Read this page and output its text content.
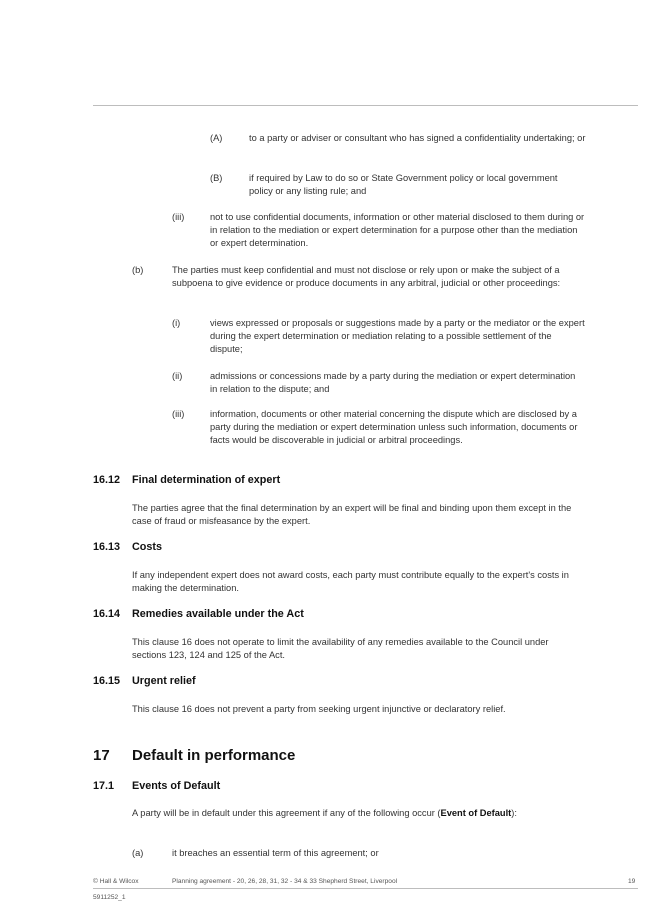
(A)	to a party or adviser or consultant who has signed a confidentiality undertaking; or

(B)	if required by Law to do so or State Government policy or local government policy or any listing rule; and

(iii)	not to use confidential documents, information or other material disclosed to them during or in relation to the mediation or expert determination for a purpose other than the mediation or expert determination.

(b)	The parties must keep confidential and must not disclose or rely upon or make the subject of a subpoena to give evidence or produce documents in any arbitral, judicial or other proceedings:

(i)	views expressed or proposals or suggestions made by a party or the mediator or the expert during the expert determination or mediation relating to a possible settlement of the dispute;

(ii)	admissions or concessions made by a party during the mediation or expert determination in relation to the dispute; and

(iii)	information, documents or other material concerning the dispute which are disclosed by a party during the mediation or expert determination unless such information, documents or facts would be discoverable in judicial or arbitral proceedings.

16.12 Final determination of expert

The parties agree that the final determination by an expert will be final and binding upon them except in the case of fraud or misfeasance by the expert.

16.13 Costs

If any independent expert does not award costs, each party must contribute equally to the expert's costs in making the determination.

16.14 Remedies available under the Act

This clause 16 does not operate to limit the availability of any remedies available to the Council under sections 123, 124 and 125 of the Act.

16.15 Urgent relief

This clause 16 does not prevent a party from seeking urgent injunctive or declaratory relief.

17 Default in performance
17.1 Events of Default

A party will be in default under this agreement if any of the following occur (Event of Default):

(a)	it breaches an essential term of this agreement; or

© Hall & Wilcox	Planning agreement - 20, 26, 28, 31, 32 - 34 & 33 Shepherd Street, Liverpool	19
5911252_1
